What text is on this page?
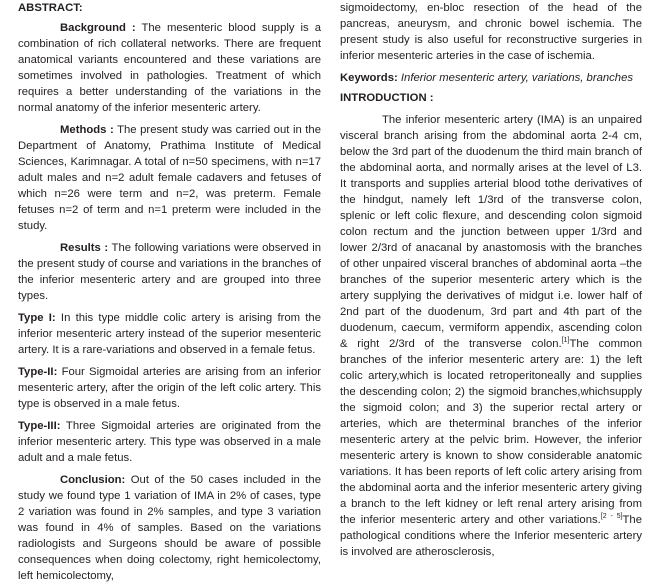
ABSTRACT:

Background : The mesenteric blood supply is a combination of rich collateral networks. There are frequent anatomical variants encountered and these variations are sometimes involved in pathologies. Treatment of which requires a better understanding of the variations in the normal anatomy of the inferior mesenteric artery.

Methods : The present study was carried out in the Department of Anatomy, Prathima Institute of Medical Sciences, Karimnagar. A total of n=50 specimens, with n=17 adult males and n=2 adult female cadavers and fetuses of which n=26 were term and n=2, was preterm. Female fetuses n=2 of term and n=1 preterm were included in the study.

Results : The following variations were observed in the present study of course and variations in the branches of the inferior mesenteric artery and are grouped into three types.

Type I: In this type middle colic artery is arising from the inferior mesenteric artery instead of the superior mesenteric artery. It is a rare-variations and observed in a female fetus.

Type-II: Four Sigmoidal arteries are arising from an inferior mesenteric artery, after the origin of the left colic artery. This type is observed in a male fetus.

Type-III: Three Sigmoidal arteries are originated from the inferior mesenteric artery. This type was observed in a male adult and a male fetus.

Conclusion: Out of the 50 cases included in the study we found type 1 variation of IMA in 2% of cases, type 2 variation was found in 2% samples, and type 3 variation was found in 4% of samples. Based on the variations radiologists and Surgeons should be aware of possible consequences when doing colectomy, right hemicolectomy, left hemicolectomy,

sigmoidectomy, en-bloc resection of the head of the pancreas, aneurysm, and chronic bowel ischemia. The present study is also useful for reconstructive surgeries in inferior mesenteric arteries in the case of ischemia.

Keywords: Inferior mesenteric artery, variations, branches

INTRODUCTION :

The inferior mesenteric artery (IMA) is an unpaired visceral branch arising from the abdominal aorta 2-4 cm, below the 3rd part of the duodenum the third main branch of the abdominal aorta, and normally arises at the level of L3. It transports and supplies arterial blood tothe derivatives of the hindgut, namely left 1/3rd of the transverse colon, splenic or left colic flexure, and descending colon sigmoid colon rectum and the junction between upper 1/3rd and lower 2/3rd of anacanal by anastomosis with the branches of other unpaired visceral branches of abdominal aorta –the branches of the superior mesenteric artery which is the artery supplying the derivatives of midgut i.e. lower half of 2nd part of the duodenum, 3rd part and 4th part of the duodenum, caecum, vermiform appendix, ascending colon & right 2/3rd of the transverse colon.[1]The common branches of the inferior mesenteric artery are: 1) the left colic artery,which is located retroperitoneally and supplies the descending colon; 2) the sigmoid branches,whichsupply the sigmoid colon; and 3) the superior rectal artery or arteries, which are theterminal branches of the inferior mesenteric artery at the pelvic brim. However, the inferior mesenteric artery is known to show considerable anatomic variations. It has been reports of left colic artery arising from the abdominal aorta and the inferior mesenteric artery giving a branch to the left kidney or left renal artery arising from the inferior mesenteric artery and other variations.[2 - 5]The pathological conditions where the Inferior mesenteric artery is involved are atherosclerosis,
